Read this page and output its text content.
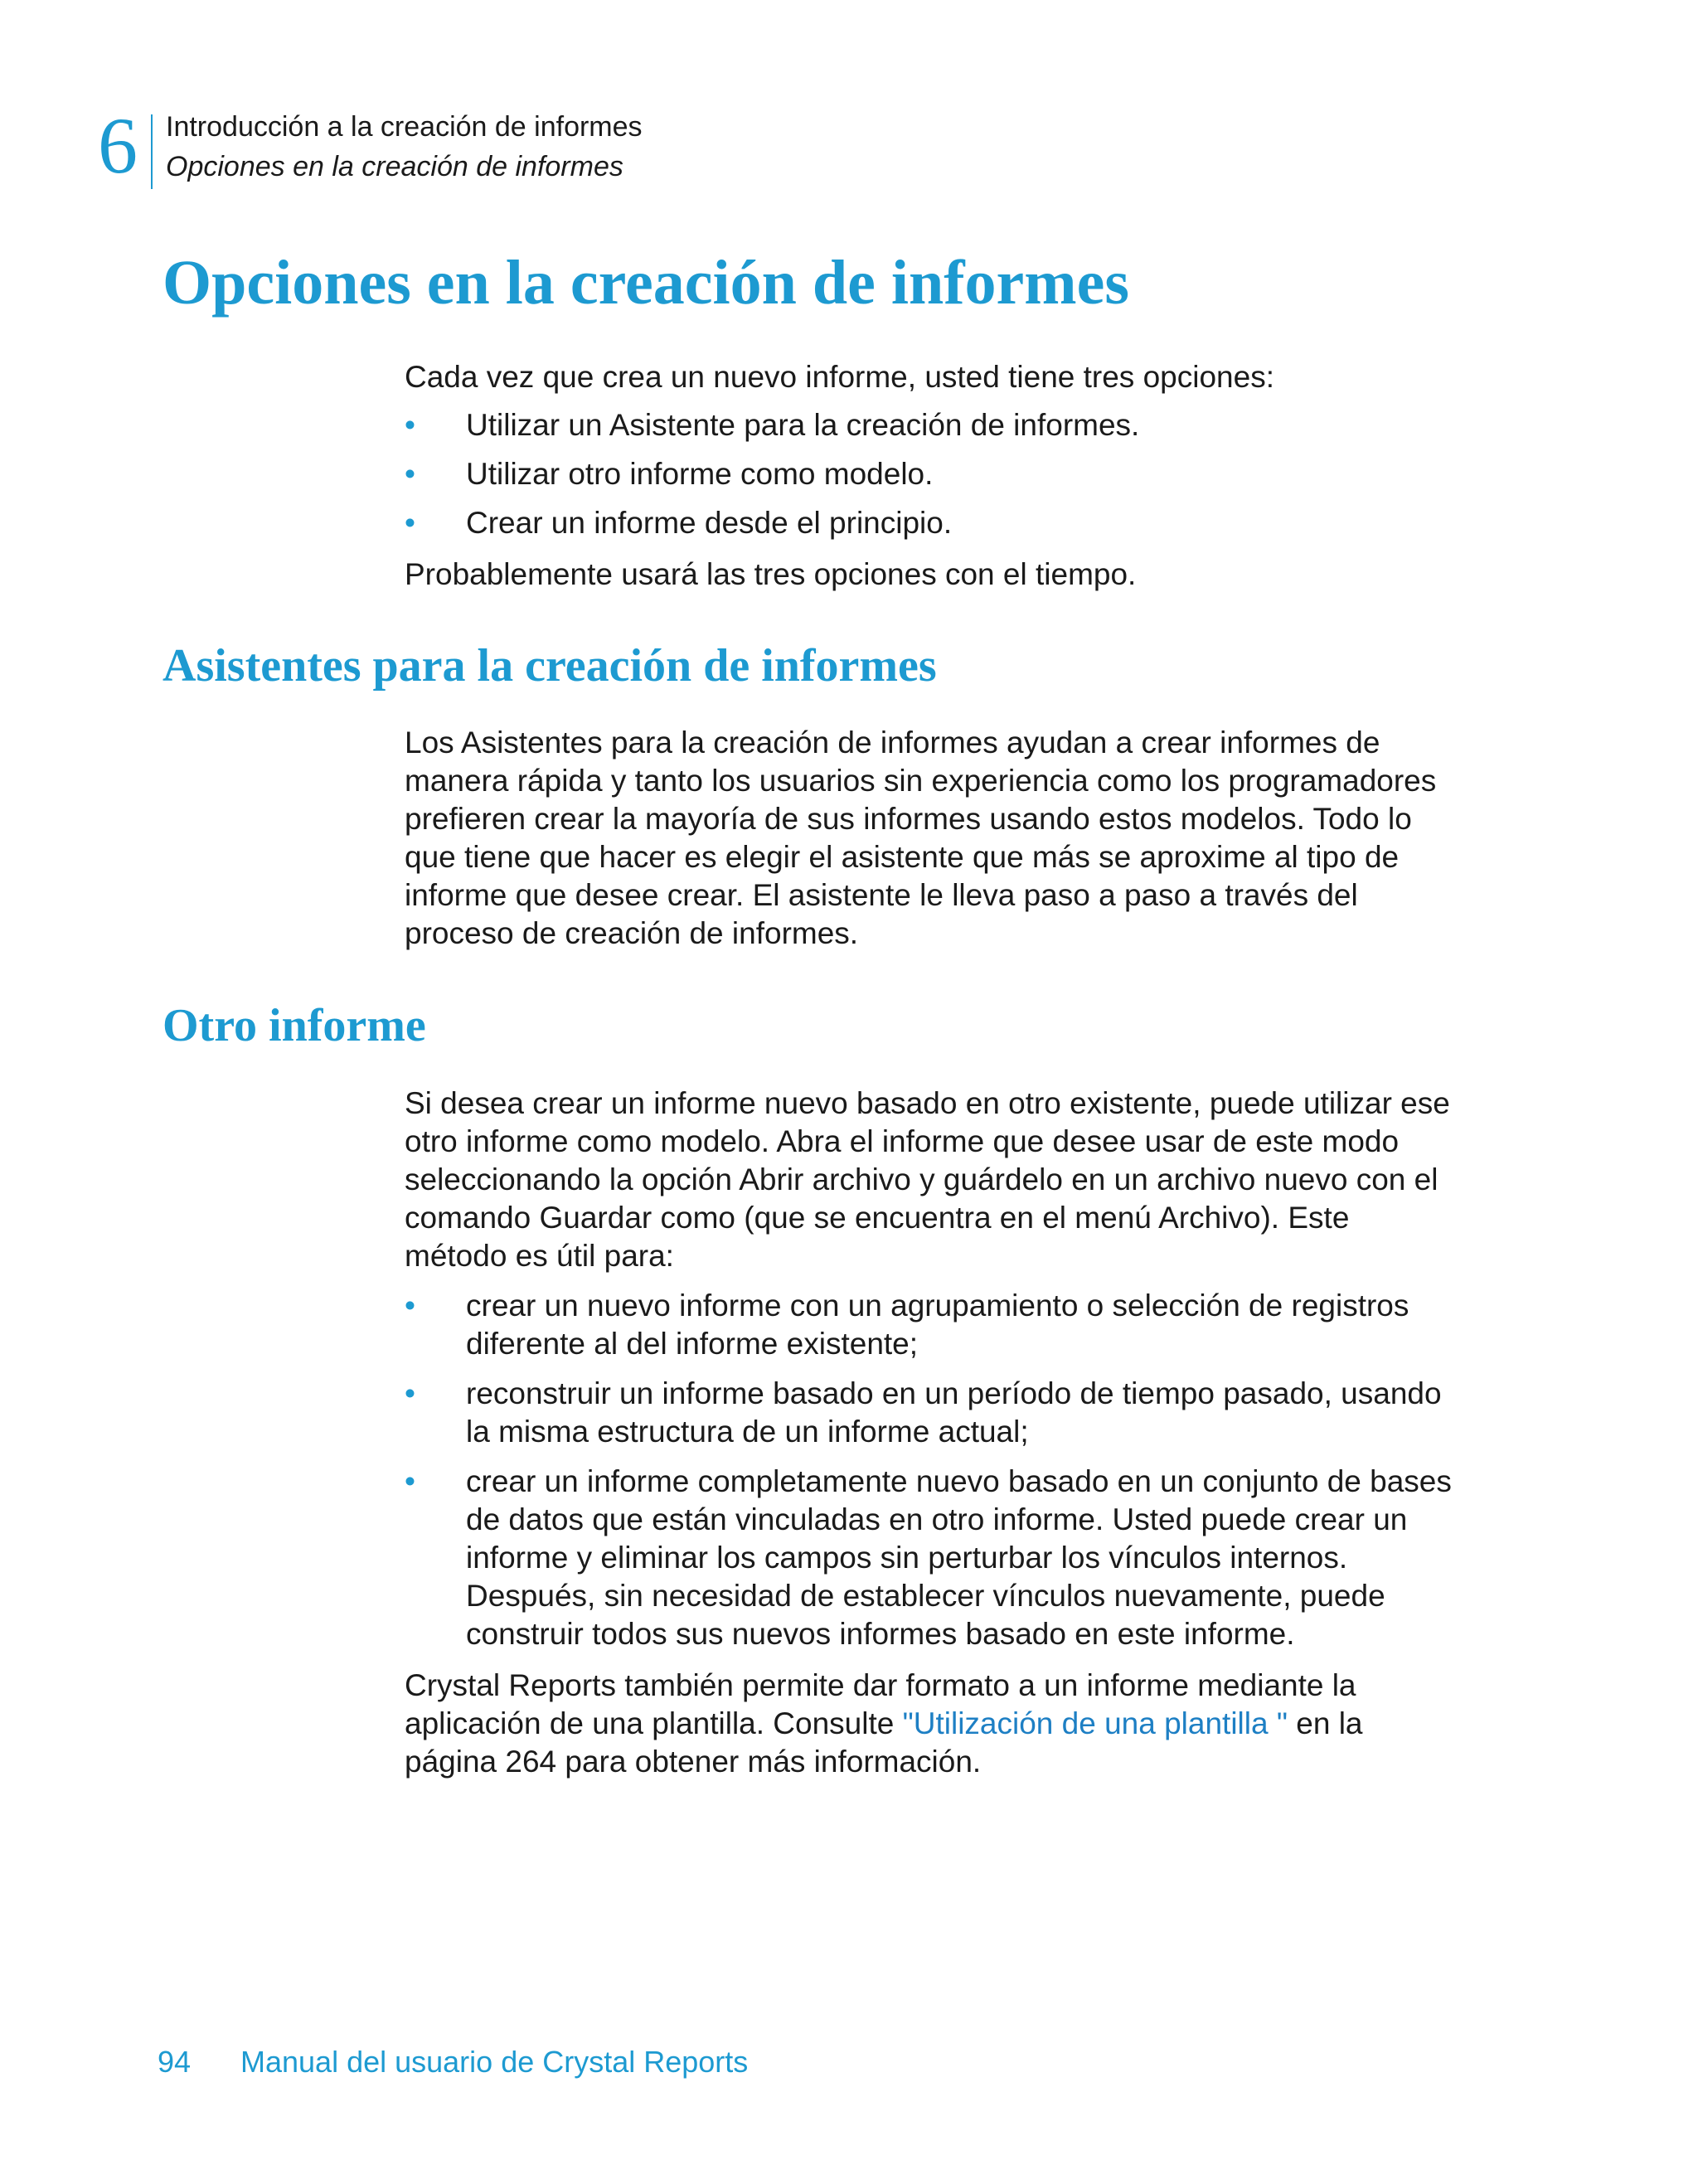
6 Introducción a la creación de informes
Opciones en la creación de informes
Opciones en la creación de informes

Cada vez que crea un nuevo informe, usted tiene tres opciones:

• Utilizar un Asistente para la creación de informes.
• Utilizar otro informe como modelo.
• Crear un informe desde el principio.

Probablemente usará las tres opciones con el tiempo.

Asistentes para la creación de informes
Los Asistentes para la creación de informes ayudan a crear informes de
manera rápida y tanto los usuarios sin experiencia como los programadores
prefieren crear la mayoría de sus informes usando estos modelos. Todo lo
que tiene que hacer es elegir el asistente que más se aproxime al tipo de
informe que desee crear. El asistente le lleva paso a paso a través del
proceso de creación de informes.
Otro informe
Si desea crear un informe nuevo basado en otro existente, puede utilizar ese
otro informe como modelo. Abra el informe que desee usar de este modo
seleccionando la opción Abrir archivo y guárdelo en un archivo nuevo con el
comando Guardar como (que se encuentra en el menú Archivo). Este
método es útil para:
• crear un nuevo informe con un agrupamiento o selección de registros
diferente al del informe existente;
• reconstruir un informe basado en un período de tiempo pasado, usando
la misma estructura de un informe actual;
• crear un informe completamente nuevo basado en un conjunto de bases
de datos que están vinculadas en otro informe. Usted puede crear un
informe y eliminar los campos sin perturbar los vínculos internos.
Después, sin necesidad de establecer vínculos nuevamente, puede
construir todos sus nuevos informes basado en este informe.
Crystal Reports también permite dar formato a un informe mediante la
aplicación de una plantilla. Consulte "Utilización de una plantilla " en la
página 264 para obtener más información.
94 Manual del usuario de Crystal Reports
